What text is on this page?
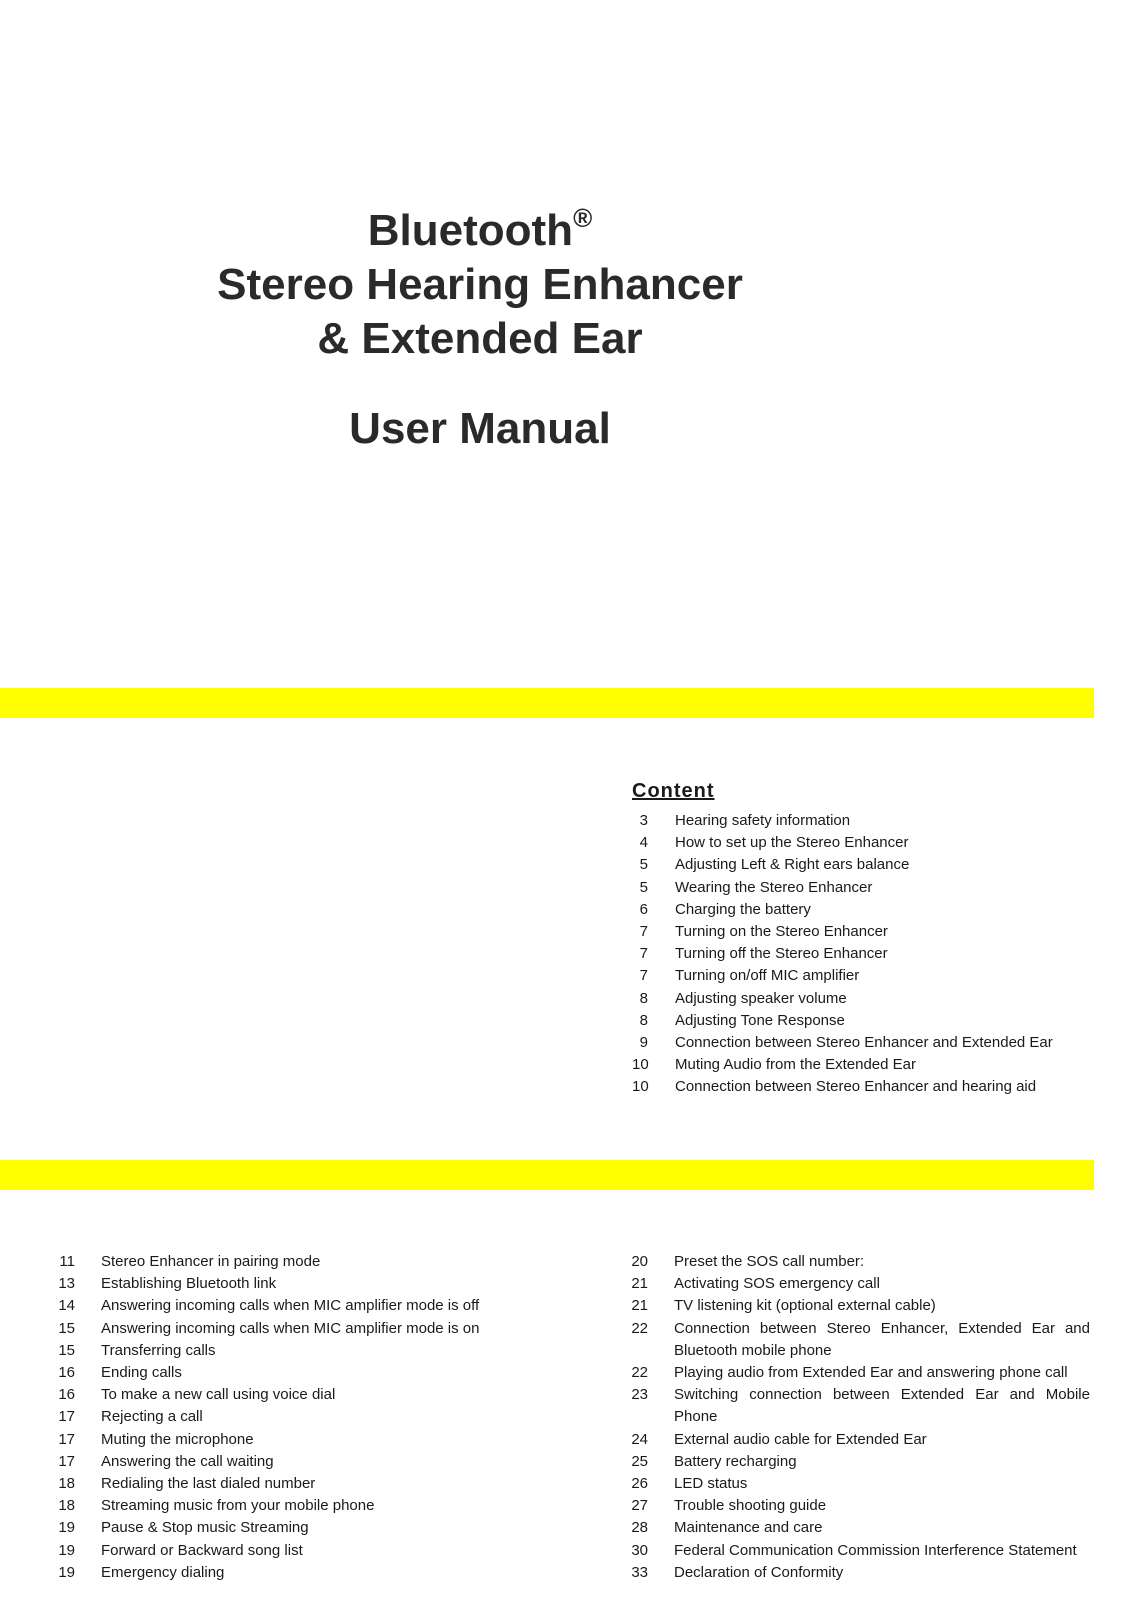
Bluetooth®
Stereo Hearing Enhancer
& Extended Ear
User Manual
Content
3 Hearing safety information
4 How to set up the Stereo Enhancer
5 Adjusting Left & Right ears balance
5 Wearing the Stereo Enhancer
6 Charging the battery
7 Turning on the Stereo Enhancer
7 Turning off the Stereo Enhancer
7 Turning on/off MIC amplifier
8 Adjusting speaker volume
8 Adjusting Tone Response
9 Connection between Stereo Enhancer and Extended Ear
10 Muting Audio from the Extended Ear
10 Connection between Stereo Enhancer and hearing aid
11 Stereo Enhancer in pairing mode
13 Establishing Bluetooth link
14 Answering incoming calls when MIC amplifier mode is off
15 Answering incoming calls when MIC amplifier mode is on
15 Transferring calls
16 Ending calls
16 To make a new call using voice dial
17 Rejecting a call
17 Muting the microphone
17 Answering the call waiting
18 Redialing the last dialed number
18 Streaming music from your mobile phone
19 Pause & Stop music Streaming
19 Forward or Backward song list
19 Emergency dialing
20 Preset the SOS call number:
21 Activating SOS emergency call
21 TV listening kit (optional external cable)
22 Connection between Stereo Enhancer, Extended Ear and Bluetooth mobile phone
22 Playing audio from Extended Ear and answering phone call
23 Switching connection between Extended Ear and Mobile Phone
24 External audio cable for Extended Ear
25 Battery recharging
26 LED status
27 Trouble shooting guide
28 Maintenance and care
30 Federal Communication Commission Interference Statement
33 Declaration of Conformity
